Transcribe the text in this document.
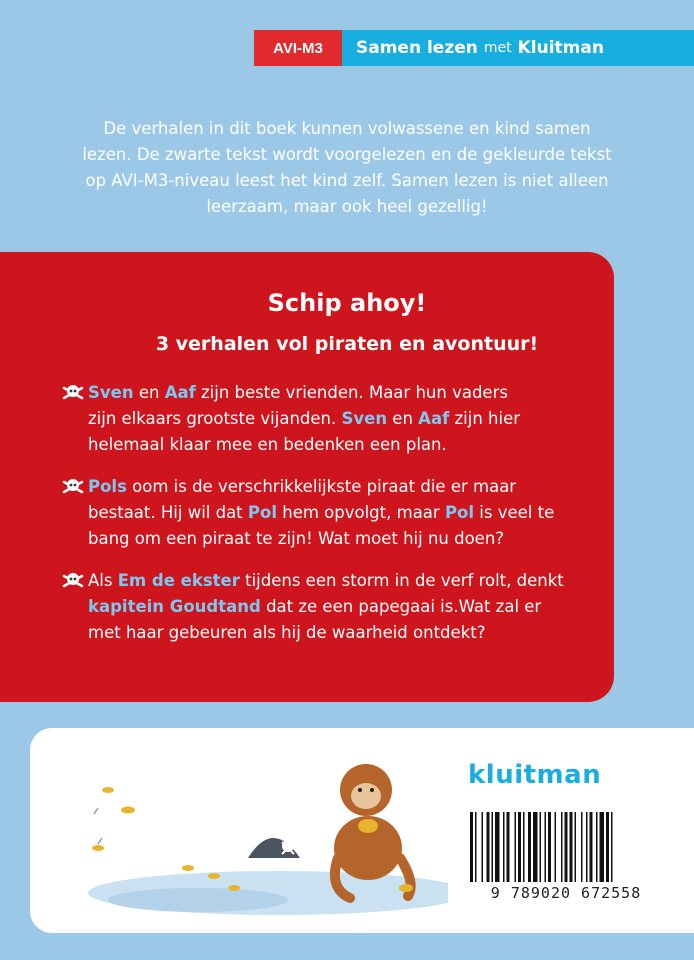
AVI-M3	Samen lezen met Kluitman
De verhalen in dit boek kunnen volwassene en kind samen
lezen. De zwarte tekst wordt voorgelezen en de gekleurde tekst
op AVI-M3-niveau leest het kind zelf. Samen lezen is niet alleen
leerzaam, maar ook heel gezellig!
Schip ahoy!
3 verhalen vol piraten en avontuur!
Sven en Aaf zijn beste vrienden. Maar hun vaders
zijn elkaars grootste vijanden. Sven en Aaf zijn hier
helemaal klaar mee en bedenken een plan.
Pols oom is de verschrikkelijkste piraat die er maar
bestaat. Hij wil dat Pol hem opvolgt, maar Pol is veel te
bang om een piraat te zijn! Wat moet hij nu doen?
Als Em de ekster tijdens een storm in de verf rolt, denkt
kapitein Goudtand dat ze een papegaai is.Wat zal er
met haar gebeuren als hij de waarheid ontdekt?
kluitman
9 789020 672558
